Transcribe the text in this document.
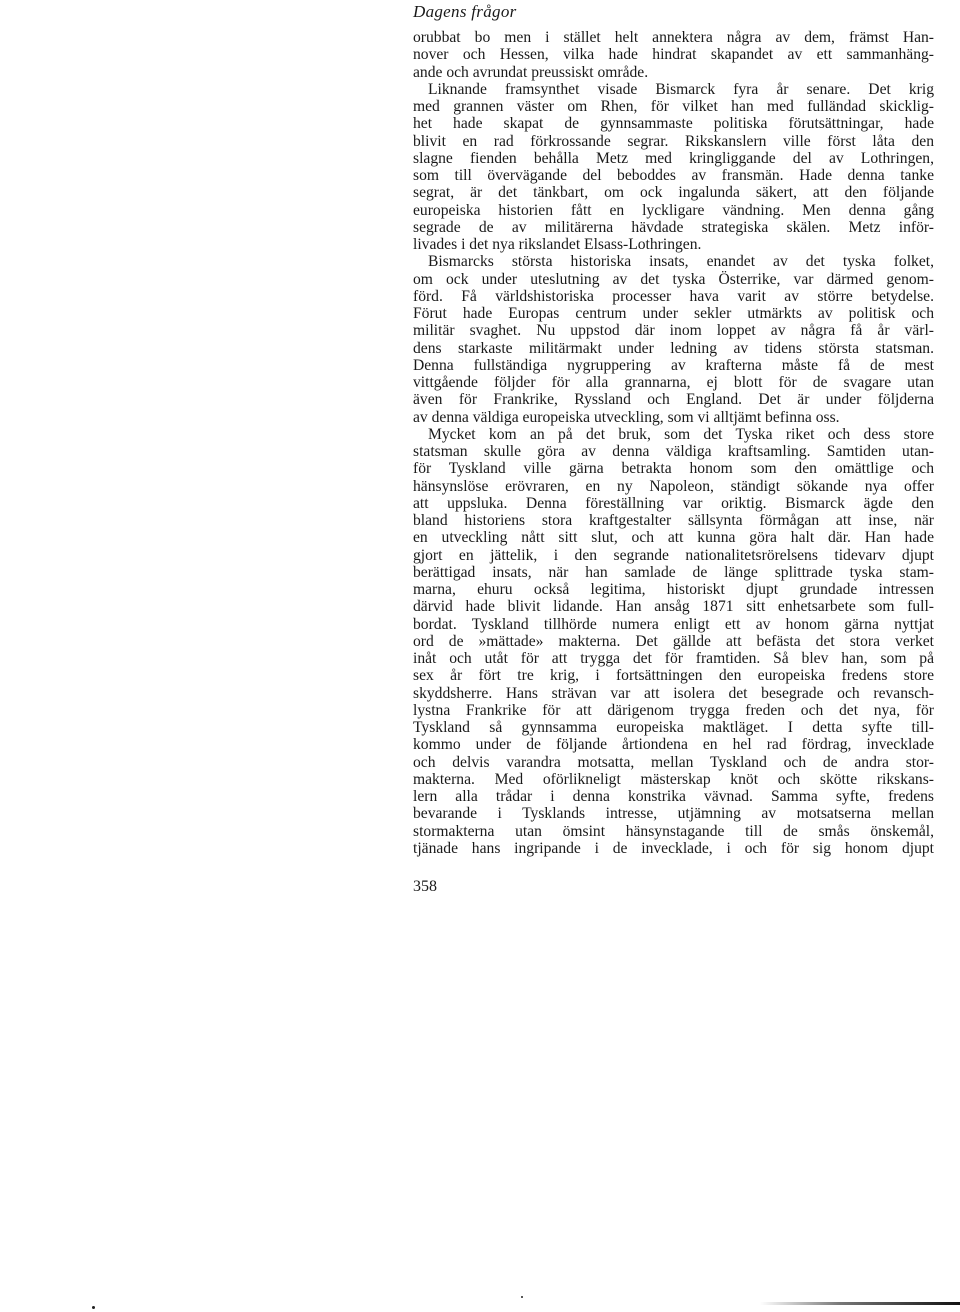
Dagens frågor
orubbat bo men i stället helt annektera några av dem, främst Han-
nover och Hessen, vilka hade hindrat skapandet av ett sammanhäng-
ande och avrundat preussiskt område.
Liknande framsynthet visade Bismarck fyra år senare. Det krig
med grannen väster om Rhen, för vilket han med fulländad skicklig-
het hade skapat de gynnsammaste politiska förutsättningar, hade
blivit en rad förkrossande segrar. Rikskanslern ville först låta den
slagne fienden behålla Metz med kringliggande del av Lothringen,
som till övervägande del beboddes av fransmän. Hade denna tanke
segrat, är det tänkbart, om ock ingalunda säkert, att den följande
europeiska historien fått en lyckligare vändning. Men denna gång
segrade de av militärerna hävdade strategiska skälen. Metz inför-
livades i det nya rikslandet Elsass-Lothringen.
Bismarcks största historiska insats, enandet av det tyska folket,
om ock under uteslutning av det tyska Österrike, var därmed genom-
förd. Få världshistoriska processer hava varit av större betydelse.
Förut hade Europas centrum under sekler utmärkts av politisk och
militär svaghet. Nu uppstod där inom loppet av några få år värl-
dens starkaste militärmakt under ledning av tidens största statsman.
Denna fullständiga nygruppering av krafterna måste få de mest
vittgående följder för alla grannarna, ej blott för de svagare utan
även för Frankrike, Ryssland och England. Det är under följderna
av denna väldiga europeiska utveckling, som vi alltjämt befinna oss.
Mycket kom an på det bruk, som det Tyska riket och dess store
statsman skulle göra av denna väldiga kraftsamling. Samtiden utan-
för Tyskland ville gärna betrakta honom som den omättlige och
hänsynslöse erövraren, en ny Napoleon, ständigt sökande nya offer
att uppsluka. Denna föreställning var oriktig. Bismarck ägde den
bland historiens stora kraftgestalter sällsynta förmågan att inse, när
en utveckling nått sitt slut, och att kunna göra halt där. Han hade
gjort en jättelik, i den segrande nationalitetsrörelsens tidevarv djupt
berättigad insats, när han samlade de länge splittrade tyska stam-
marna, ehuru också legitima, historiskt djupt grundade intressen
därvid hade blivit lidande. Han ansåg 1871 sitt enhetsarbete som full-
bordat. Tyskland tillhörde numera enligt ett av honom gärna nyttjat
ord de »mättade» makterna. Det gällde att befästa det stora verket
inåt och utåt för att trygga det för framtiden. Så blev han, som på
sex år fört tre krig, i fortsättningen den europeiska fredens store
skyddsherre. Hans strävan var att isolera det besegrade och revansch-
lystna Frankrike för att därigenom trygga freden och det nya, för
Tyskland så gynnsamma europeiska maktläget. I detta syfte till-
kommo under de följande årtiondena en hel rad fördrag, invecklade
och delvis varandra motsatta, mellan Tyskland och de andra stor-
makterna. Med oförlikneligt mästerskap knöt och skötte rikskans-
lern alla trådar i denna konstrika vävnad. Samma syfte, fredens
bevarande i Tysklands intresse, utjämning av motsatserna mellan
stormakterna utan ömsint hänsynstagande till de smås önskemål,
tjänade hans ingripande i de invecklade, i och för sig honom djupt
358
